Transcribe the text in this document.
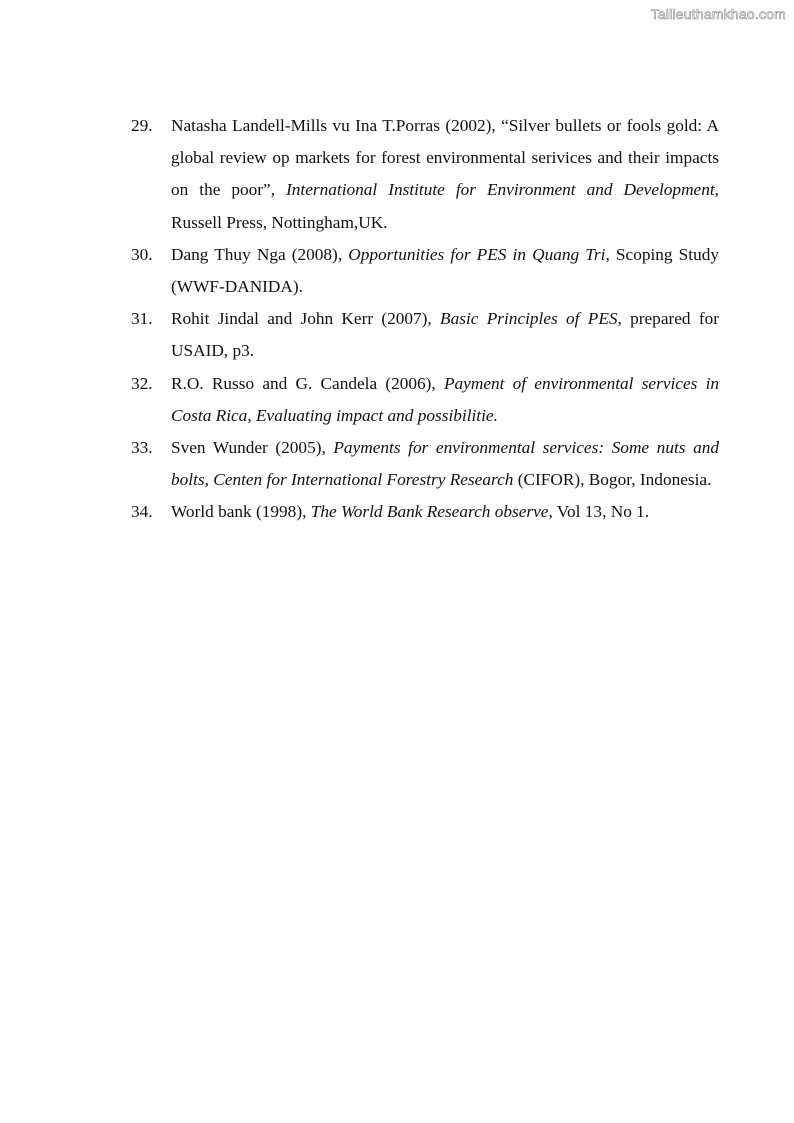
Tailieuthamkhao.com
29. Natasha Landell-Mills vu Ina T.Porras (2002), “Silver bullets or fools gold: A global review op markets for forest environmental serivices and their impacts on the poor”, International Institute for Environment and Development, Russell Press, Nottingham,UK.
30. Dang Thuy Nga (2008), Opportunities for PES in Quang Tri, Scoping Study (WWF-DANIDA).
31. Rohit Jindal and John Kerr (2007), Basic Principles of PES, prepared for USAID, p3.
32. R.O. Russo and G. Candela (2006), Payment of environmental services in Costa Rica, Evaluating impact and possibilitie.
33. Sven Wunder (2005), Payments for environmental services: Some nuts and bolts, Centen for International Forestry Research (CIFOR), Bogor, Indonesia.
34. World bank (1998), The World Bank Research observe, Vol 13, No 1.
